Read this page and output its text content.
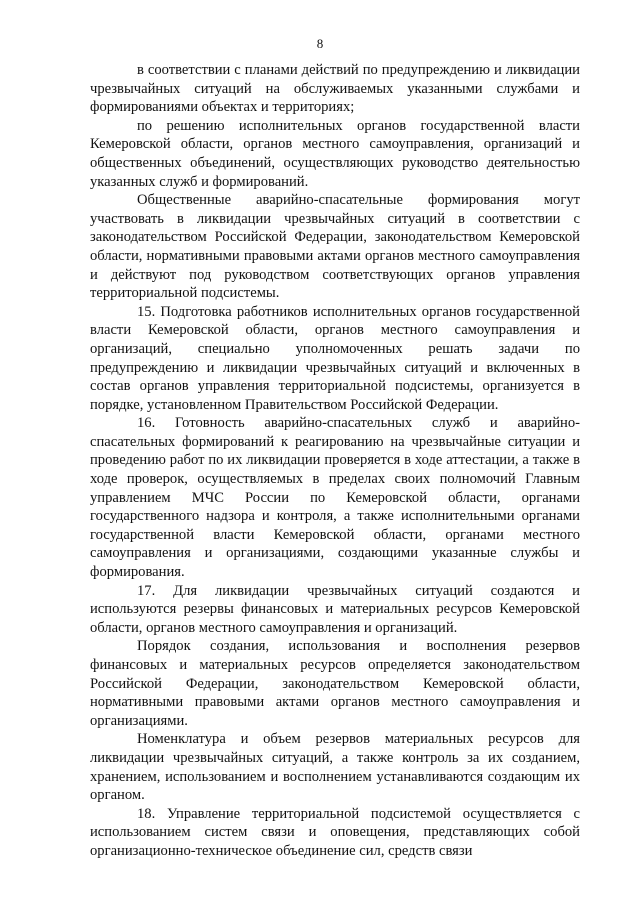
8

в соответствии с планами действий по предупреждению и ликвидации чрезвычайных ситуаций на обслуживаемых указанными службами и формированиями объектах и территориях;

по решению исполнительных органов государственной власти Кемеровской области, органов местного самоуправления, организаций и общественных объединений, осуществляющих руководство деятельностью указанных служб и формирований.

Общественные аварийно-спасательные формирования могут участвовать в ликвидации чрезвычайных ситуаций в соответствии с законодательством Российской Федерации, законодательством Кемеровской области, нормативными правовыми актами органов местного самоуправления и действуют под руководством соответствующих органов управления территориальной подсистемы.

15. Подготовка работников исполнительных органов государственной власти Кемеровской области, органов местного самоуправления и организаций, специально уполномоченных решать задачи по предупреждению и ликвидации чрезвычайных ситуаций и включенных в состав органов управления территориальной подсистемы, организуется в порядке, установленном Правительством Российской Федерации.

16. Готовность аварийно-спасательных служб и аварийно-спасательных формирований к реагированию на чрезвычайные ситуации и проведению работ по их ликвидации проверяется в ходе аттестации, а также в ходе проверок, осуществляемых в пределах своих полномочий Главным управлением МЧС России по Кемеровской области, органами государственного надзора и контроля, а также исполнительными органами государственной власти Кемеровской области, органами местного самоуправления и организациями, создающими указанные службы и формирования.

17. Для ликвидации чрезвычайных ситуаций создаются и используются резервы финансовых и материальных ресурсов Кемеровской области, органов местного самоуправления и организаций.

Порядок создания, использования и восполнения резервов финансовых и материальных ресурсов определяется законодательством Российской Федерации, законодательством Кемеровской области, нормативными правовыми актами органов местного самоуправления и организациями.

Номенклатура и объем резервов материальных ресурсов для ликвидации чрезвычайных ситуаций, а также контроль за их созданием, хранением, использованием и восполнением устанавливаются создающим их органом.

18. Управление территориальной подсистемой осуществляется с использованием систем связи и оповещения, представляющих собой организационно-техническое объединение сил, средств связи
